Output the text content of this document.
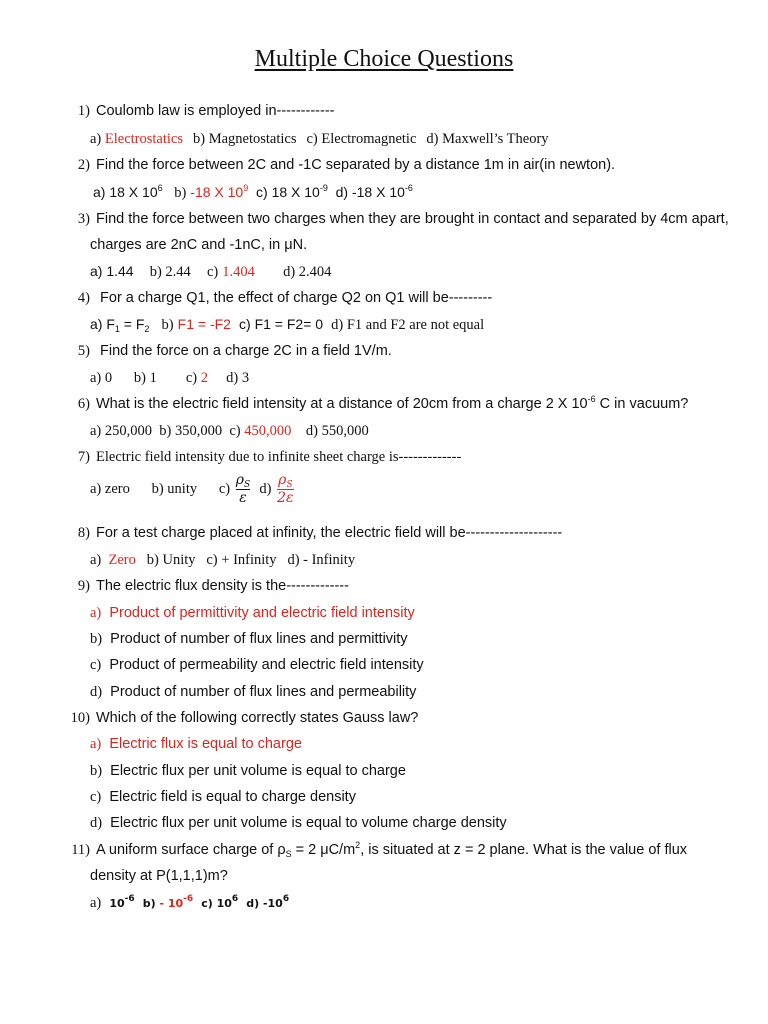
Multiple Choice Questions
1) Coulomb law is employed in------------
a) Electrostatics b) Magnetostatics c) Electromagnetic d) Maxwell’s Theory
2) Find the force between 2C and -1C separated by a distance 1m in air(in newton).
a) 18 X $10^6$ b) -18 X $10^9$ c) 18 X $10^{-9}$ d) -18 X $10^{-6}$
3) Find the force between two charges when they are brought in contact and separated by 4cm apart,
charges are 2nC and -1nC, in μN.
a) 1.44 b) 2.44 c) 1.404 d) 2.404
4) For a charge Q1, the effect of charge Q2 on Q1 will be---------
a) $F_1 = F_2$ b) F1 = -F2 c) F1 = F2= 0 d) F1 and F2 are not equal
5) Find the force on a charge 2C in a field 1V/m.
a) 0 b) 1 c) 2 d) 3
6) What is the electric field intensity at a distance of 20cm from a charge 2 X $10^{-6}$ C in vacuum?
a) 250,000 b) 350,000 c) 450,000 d) 550,000
7) Electric field intensity due to infinite sheet charge is-------------
a) zero b) unity $c) \frac{\rho_S}{\varepsilon} d) \frac{\rho_S}{2\varepsilon}$
8) For a test charge placed at infinity, the electric field will be--------------------
a) Zero b) Unity c) + Infinity d) - Infinity
9) The electric flux density is the-------------
a) Product of permittivity and electric field intensity
b) Product of number of flux lines and permittivity
c) Product of permeability and electric field intensity
d) Product of number of flux lines and permeability
10) Which of the following correctly states Gauss law?
a) Electric flux is equal to charge
b) Electric flux per unit volume is equal to charge
c) Electric field is equal to charge density
d) Electric flux per unit volume is equal to volume charge density
11) A uniform surface charge of $\rho_S = 2$ $\mu C/m^2$, is situated at z = 2 plane. What is the value of flux
density at P(1,1,1)m?
a) $10^{-6}$ $b) - 10^{-6}$ c) $10^6$ d) $-10^6$
